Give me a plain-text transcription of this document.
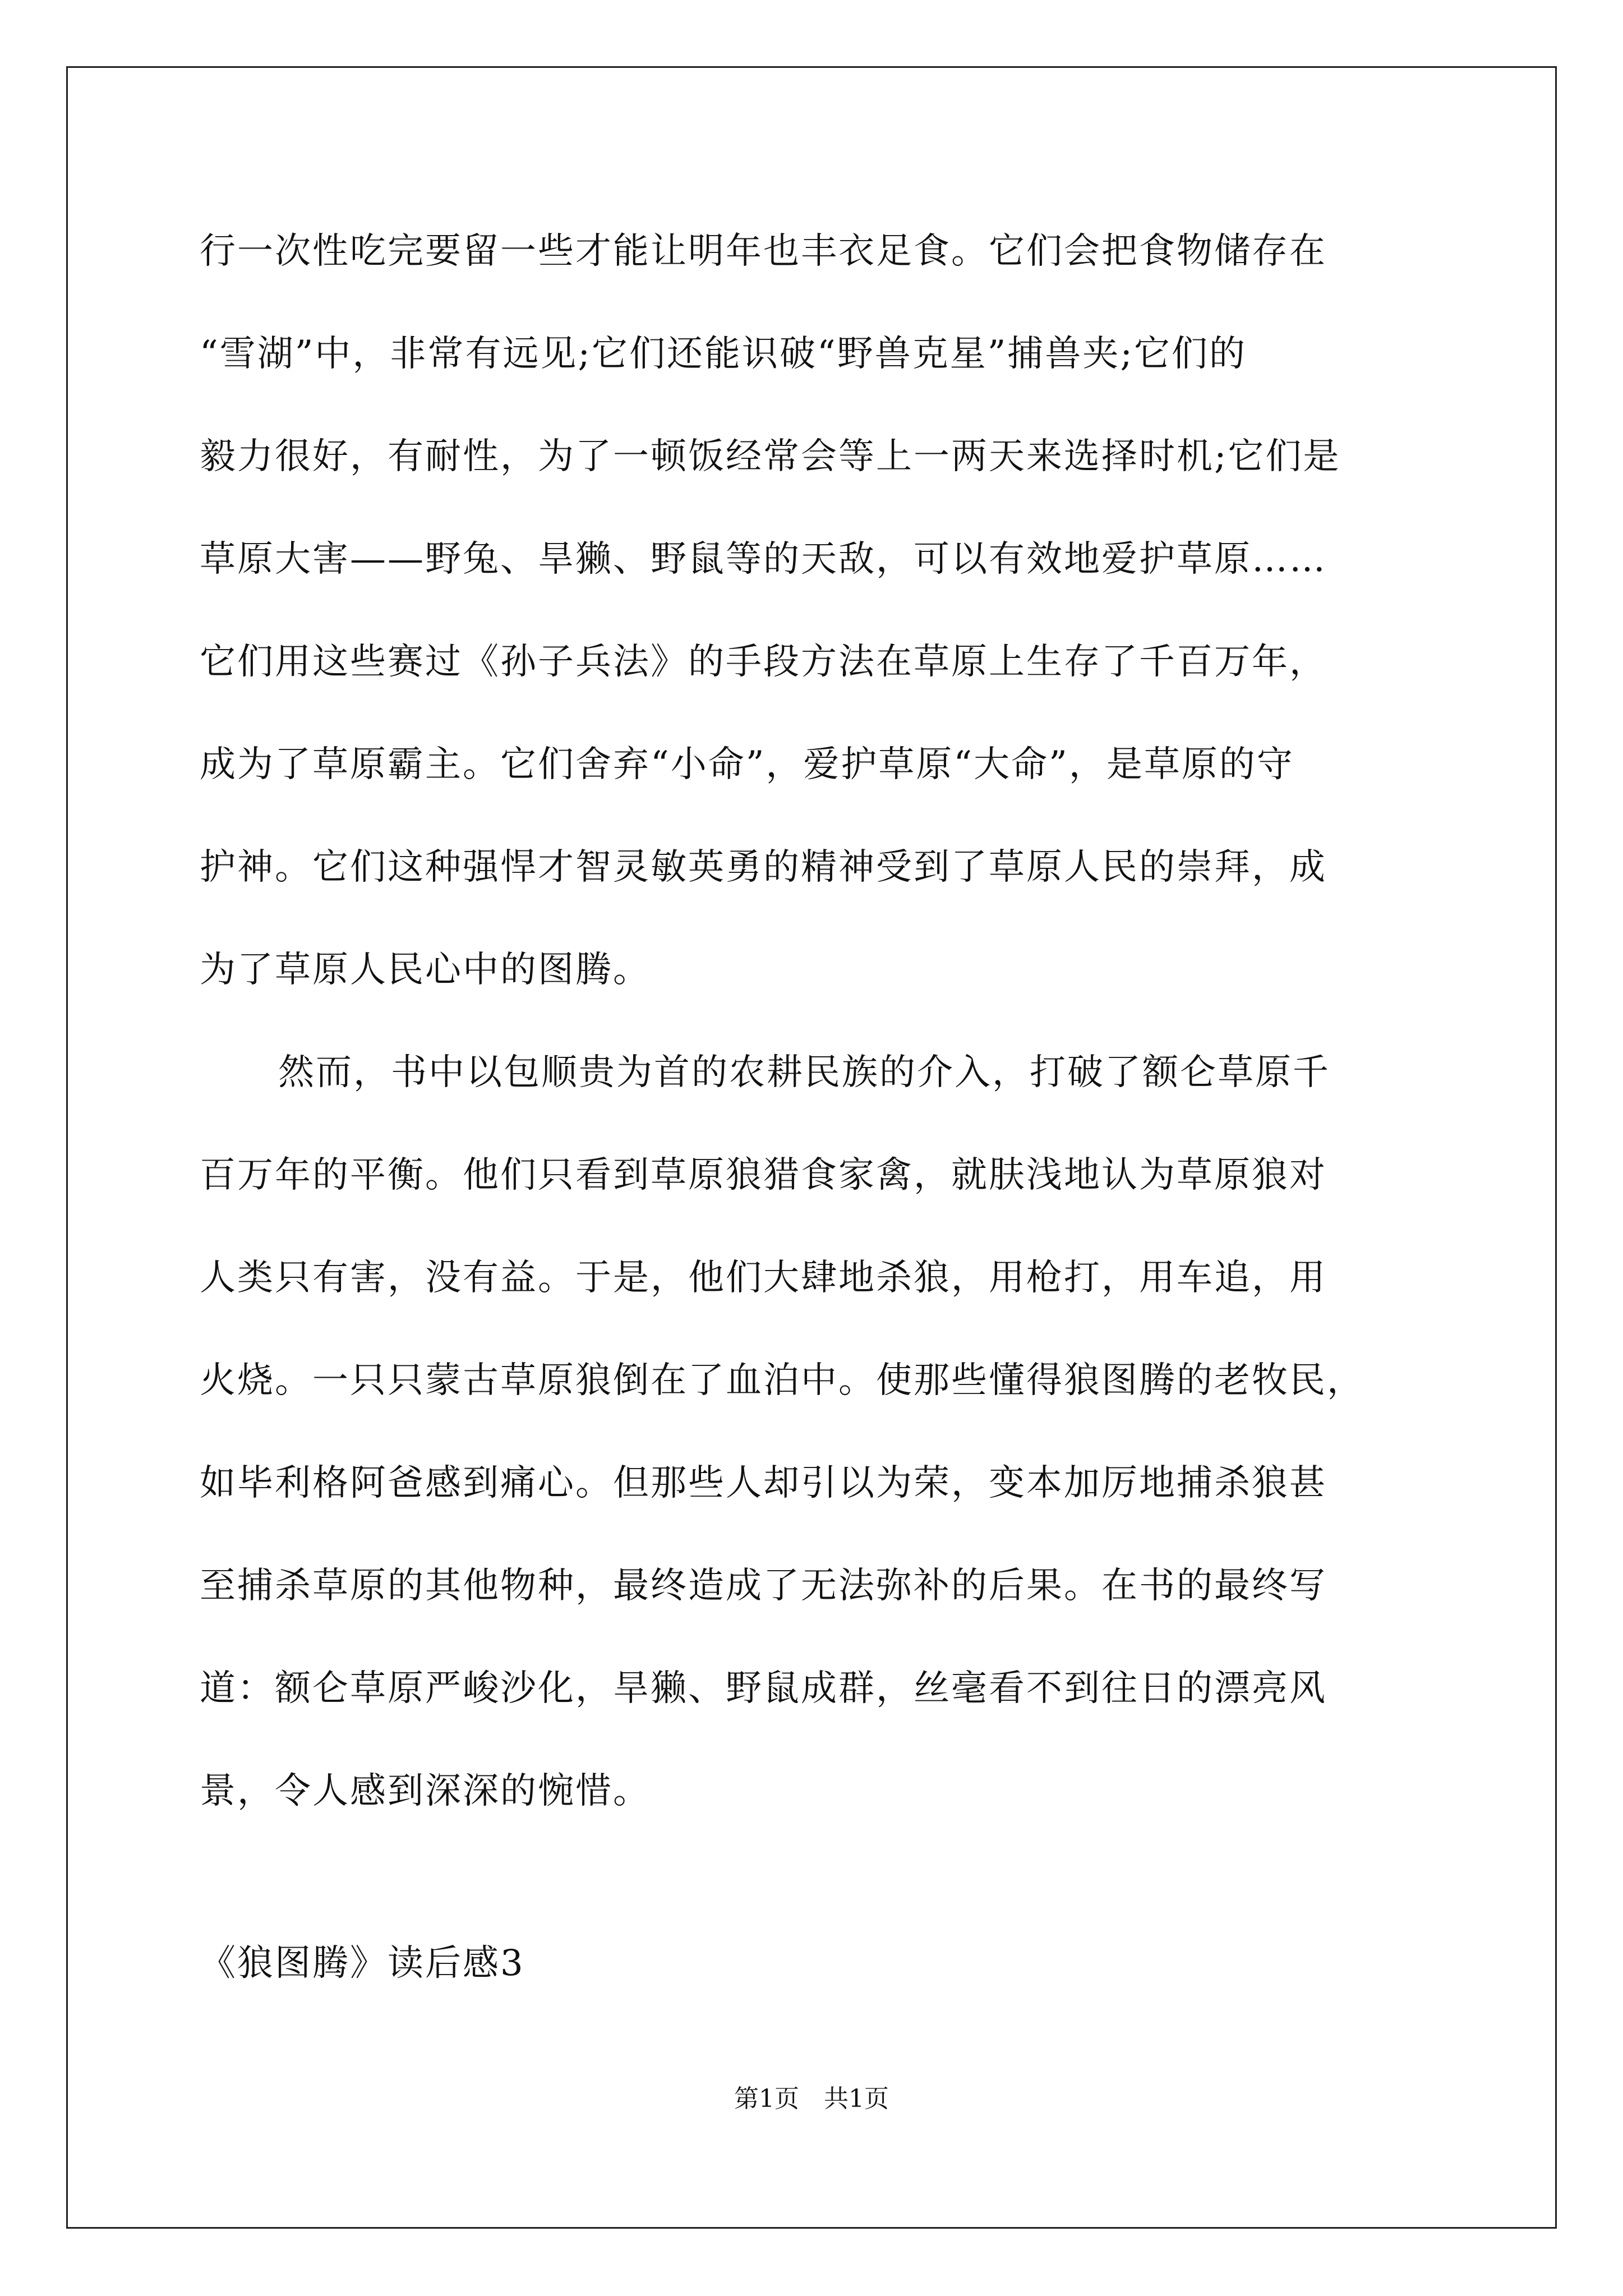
行一次性吃完要留一些才能让明年也丰衣足食。它们会把食物储存在
“雪湖”中，非常有远见;它们还能识破“野兽克星”捕兽夹;它们的
毅力很好，有耐性，为了一顿饭经常会等上一两天来选择时机;它们是
草原大害——野兔、旱獭、野鼠等的天敌，可以有效地爱护草原……
它们用这些赛过《孙子兵法》的手段方法在草原上生存了千百万年，
成为了草原霸主。它们舍弃“小命”，爱护草原“大命”，是草原的守
护神。它们这种强悍才智灵敏英勇的精神受到了草原人民的崇拜，成
为了草原人民心中的图腾。
然而，书中以包顺贵为首的农耕民族的介入，打破了额仑草原千
百万年的平衡。他们只看到草原狼猎食家禽，就肤浅地认为草原狼对
人类只有害，没有益。于是，他们大肆地杀狼，用枪打，用车追，用
火烧。一只只蒙古草原狼倒在了血泊中。使那些懂得狼图腾的老牧民，
如毕利格阿爸感到痛心。但那些人却引以为荣，变本加厉地捕杀狼甚
至捕杀草原的其他物种，最终造成了无法弥补的后果。在书的最终写
道：额仑草原严峻沙化，旱獭、野鼠成群，丝毫看不到往日的漂亮风
景，令人感到深深的惋惜。
《狼图腾》读后感3
第1页　共1页
